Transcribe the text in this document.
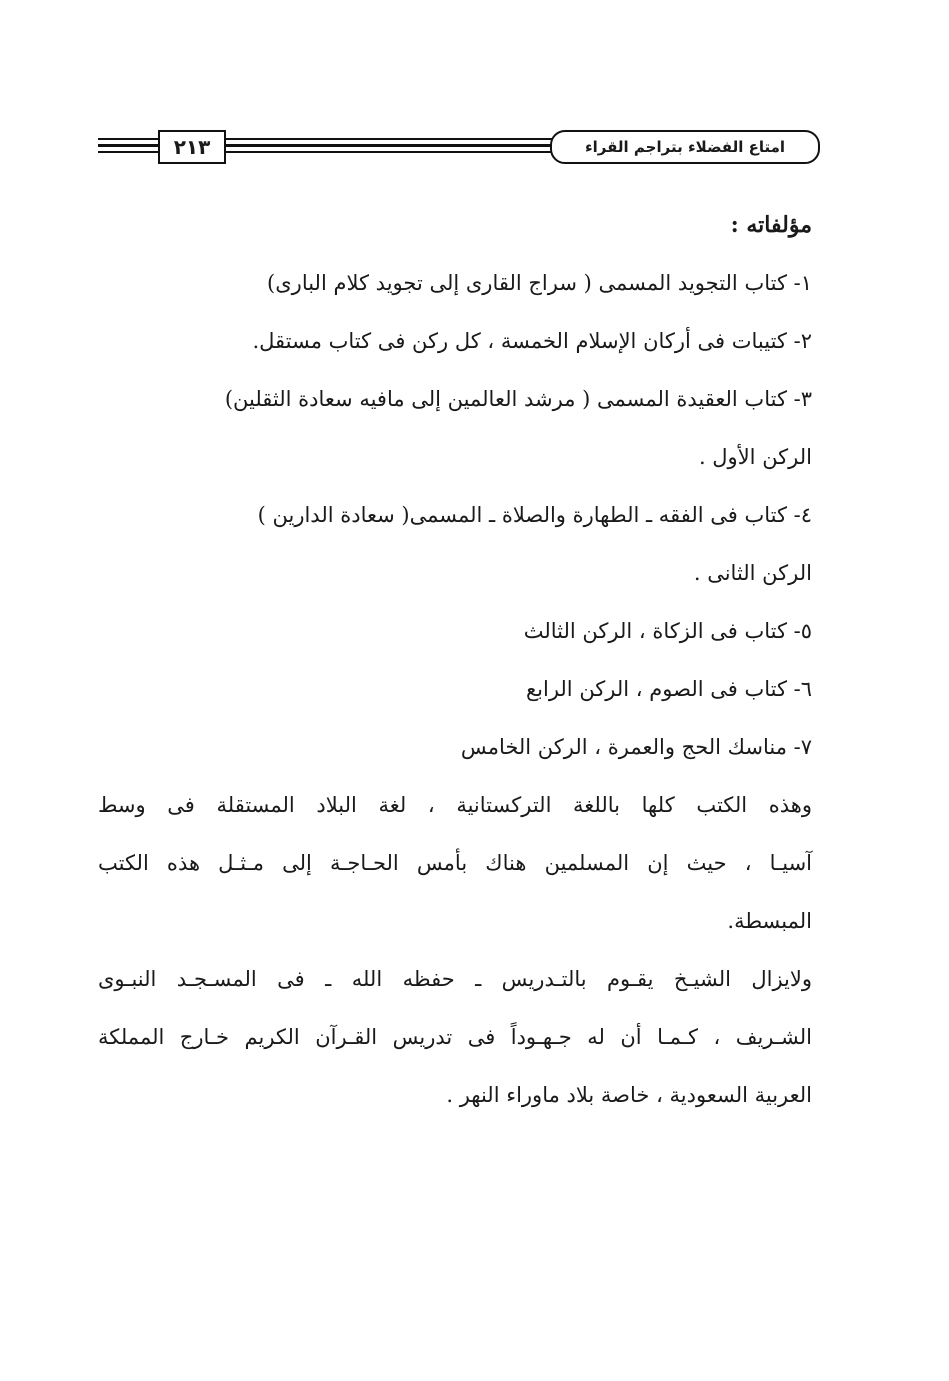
٢١٣	امتاع الفضلاء بتراجم القراء

مؤلفاته :

١- كتاب التجويد المسمى ( سراج القارى إلى تجويد كلام البارى)

٢- كتيبات فى أركان الإسلام الخمسة ، كل ركن فى كتاب مستقل.

٣- كتاب العقيدة المسمى ( مرشد العالمين إلى مافيه سعادة الثقلين)

الركن الأول .

٤- كتاب فى الفقه ـ الطهارة والصلاة ـ المسمى( سعادة الدارين )

الركن الثانى .

٥- كتاب فى الزكاة ، الركن الثالث

٦- كتاب فى الصوم ، الركن الرابع

٧- مناسك الحج والعمرة ، الركن الخامس

وهذه الكتب كلها باللغة التركستانية ، لغة البلاد المستقلة فى وسط

آسيـا ، حيث إن المسلمين هناك بأمس الحـاجـة إلى مـثـل هذه الكتب

المبسطة.

ولايزال الشيـخ يقـوم بالتـدريس ـ حفظه الله ـ فى المسـجـد النبـوى

الشـريف ، كـمـا أن له جـهـوداً فى تدريس القـرآن الكريم خـارج المملكة

العربية السعودية ، خاصة بلاد ماوراء النهر .
